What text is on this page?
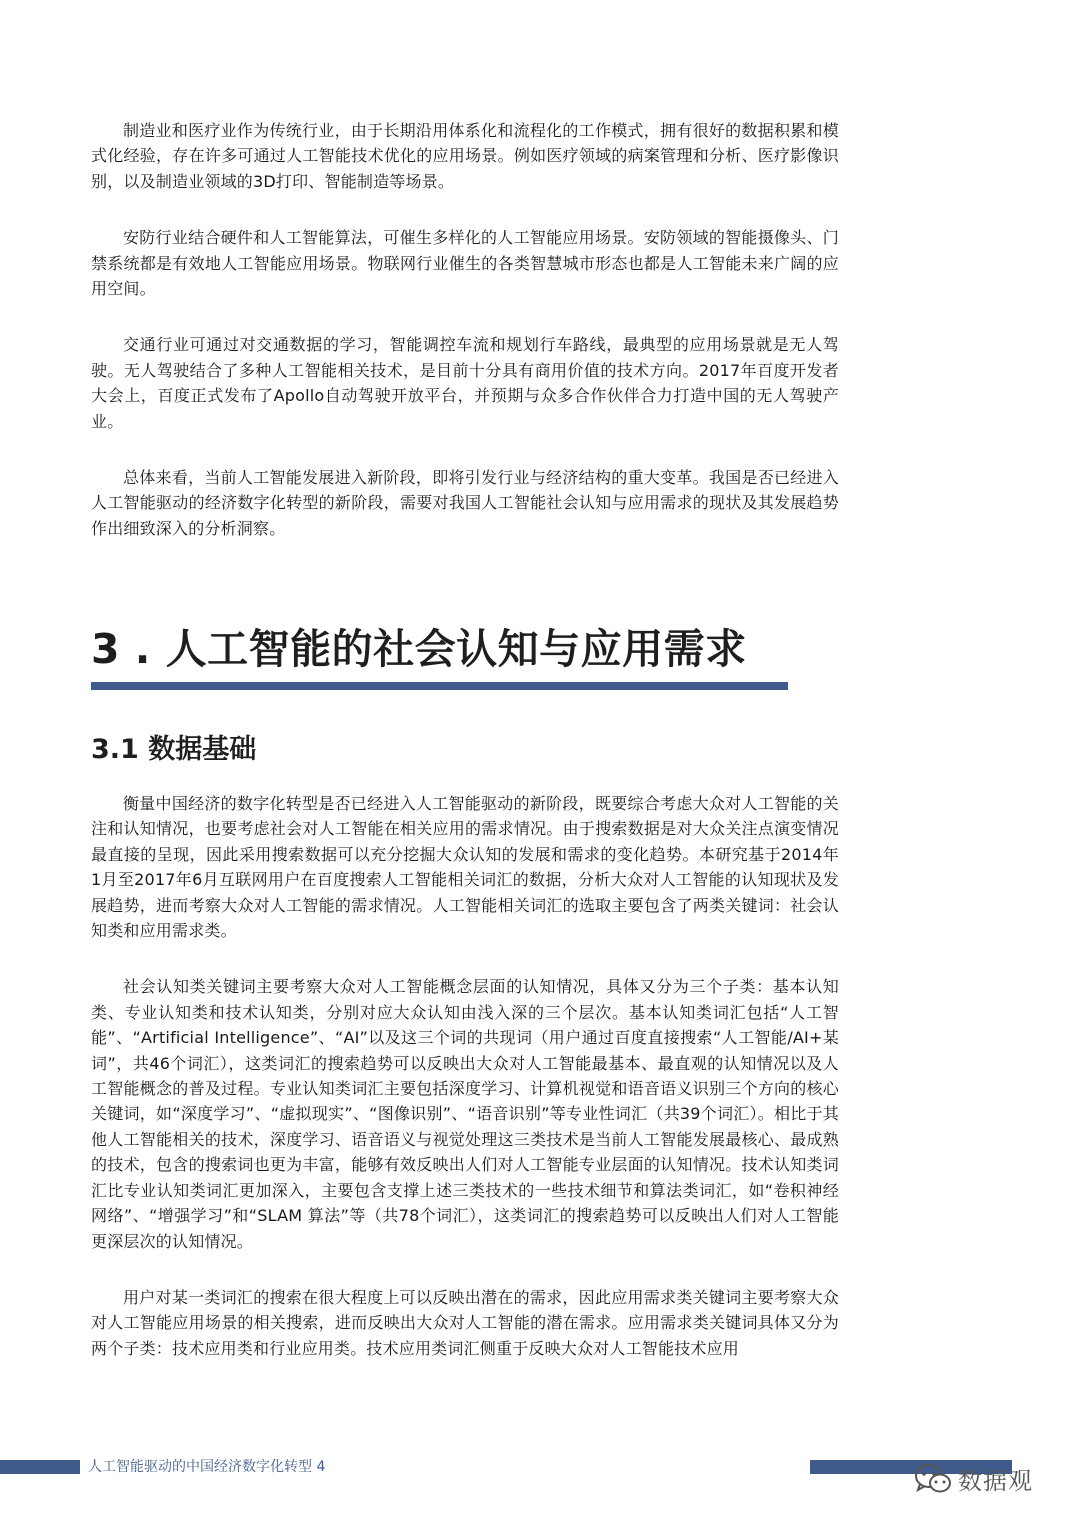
制造业和医疗业作为传统行业，由于长期沿用体系化和流程化的工作模式，拥有很好的数据积累和模式化经验，存在许多可通过人工智能技术优化的应用场景。例如医疗领域的病案管理和分析、医疗影像识别，以及制造业领域的3D打印、智能制造等场景。

安防行业结合硬件和人工智能算法，可催生多样化的人工智能应用场景。安防领域的智能摄像头、门禁系统都是有效地人工智能应用场景。物联网行业催生的各类智慧城市形态也都是人工智能未来广阔的应用空间。

交通行业可通过对交通数据的学习，智能调控车流和规划行车路线，最典型的应用场景就是无人驾驶。无人驾驶结合了多种人工智能相关技术，是目前十分具有商用价值的技术方向。2017年百度开发者大会上，百度正式发布了Apollo自动驾驶开放平台，并预期与众多合作伙伴合力打造中国的无人驾驶产业。

总体来看，当前人工智能发展进入新阶段，即将引发行业与经济结构的重大变革。我国是否已经进入人工智能驱动的经济数字化转型的新阶段，需要对我国人工智能社会认知与应用需求的现状及其发展趋势作出细致深入的分析洞察。

3 . 人工智能的社会认知与应用需求
3.1 数据基础

衡量中国经济的数字化转型是否已经进入人工智能驱动的新阶段，既要综合考虑大众对人工智能的关注和认知情况，也要考虑社会对人工智能在相关应用的需求情况。由于搜索数据是对大众关注点演变情况最直接的呈现，因此采用搜索数据可以充分挖掘大众认知的发展和需求的变化趋势。本研究基于2014年1月至2017年6月互联网用户在百度搜索人工智能相关词汇的数据，分析大众对人工智能的认知现状及发展趋势，进而考察大众对人工智能的需求情况。人工智能相关词汇的选取主要包含了两类关键词：社会认知类和应用需求类。

社会认知类关键词主要考察大众对人工智能概念层面的认知情况，具体又分为三个子类：基本认知类、专业认知类和技术认知类，分别对应大众认知由浅入深的三个层次。基本认知类词汇包括“人工智能”、“Artificial Intelligence”、“AI”以及这三个词的共现词（用户通过百度直接搜索“人工智能/AI+某词”，共46个词汇），这类词汇的搜索趋势可以反映出大众对人工智能最基本、最直观的认知情况以及人工智能概念的普及过程。专业认知类词汇主要包括深度学习、计算机视觉和语音语义识别三个方向的核心关键词，如“深度学习”、“虚拟现实”、“图像识别”、“语音识别”等专业性词汇（共39个词汇）。相比于其他人工智能相关的技术，深度学习、语音语义与视觉处理这三类技术是当前人工智能发展最核心、最成熟的技术，包含的搜索词也更为丰富，能够有效反映出人们对人工智能专业层面的认知情况。技术认知类词汇比专业认知类词汇更加深入，主要包含支撑上述三类技术的一些技术细节和算法类词汇，如“卷积神经网络”、“增强学习”和“SLAM 算法”等（共78个词汇），这类词汇的搜索趋势可以反映出人们对人工智能更深层次的认知情况。

用户对某一类词汇的搜索在很大程度上可以反映出潜在的需求，因此应用需求类关键词主要考察大众对人工智能应用场景的相关搜索，进而反映出大众对人工智能的潜在需求。应用需求类关键词具体又分为两个子类：技术应用类和行业应用类。技术应用类词汇侧重于反映大众对人工智能技术应用

人工智能驱动的中国经济数字化转型 4	数据观
